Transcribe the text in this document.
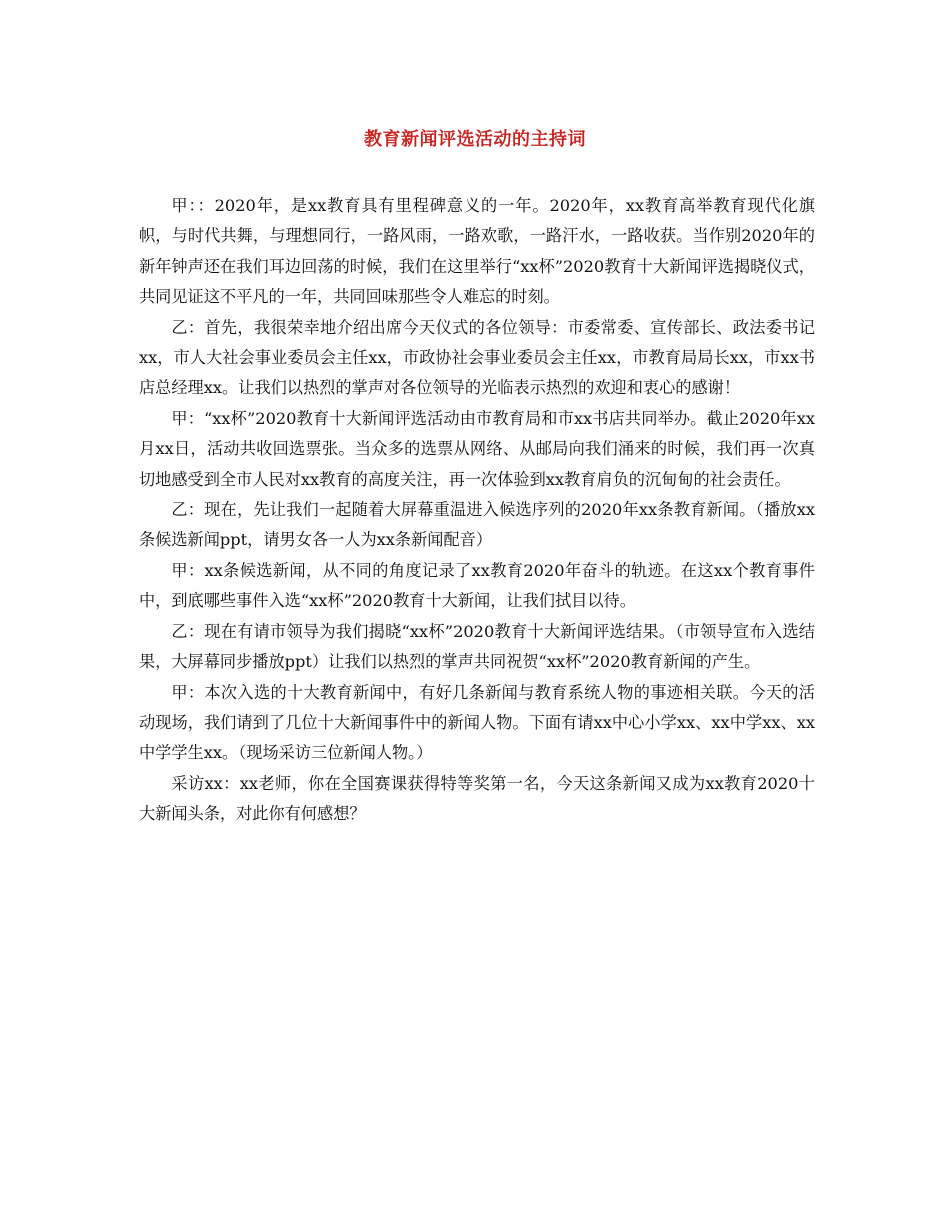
教育新闻评选活动的主持词

甲：：2020年，是xx教育具有里程碑意义的一年。2020年，xx教育高举教育现代化旗帜，与时代共舞，与理想同行，一路风雨，一路欢歌，一路汗水，一路收获。当作别2020年的新年钟声还在我们耳边回荡的时候，我们在这里举行“xx杯”2020教育十大新闻评选揭晓仪式，共同见证这不平凡的一年，共同回味那些令人难忘的时刻。

乙：首先，我很荣幸地介绍出席今天仪式的各位领导：市委常委、宣传部长、政法委书记xx，市人大社会事业委员会主任xx，市政协社会事业委员会主任xx，市教育局局长xx，市xx书店总经理xx。让我们以热烈的掌声对各位领导的光临表示热烈的欢迎和衷心的感谢！

甲：“xx杯”2020教育十大新闻评选活动由市教育局和市xx书店共同举办。截止2020年xx月xx日，活动共收回选票张。当众多的选票从网络、从邮局向我们涌来的时候，我们再一次真切地感受到全市人民对xx教育的高度关注，再一次体验到xx教育肩负的沉甸甸的社会责任。

乙：现在，先让我们一起随着大屏幕重温进入候选序列的2020年xx条教育新闻。（播放xx条候选新闻ppt，请男女各一人为xx条新闻配音）

甲：xx条候选新闻，从不同的角度记录了xx教育2020年奋斗的轨迹。在这xx个教育事件中，到底哪些事件入选“xx杯”2020教育十大新闻，让我们拭目以待。

乙：现在有请市领导为我们揭晓“xx杯”2020教育十大新闻评选结果。（市领导宣布入选结果，大屏幕同步播放ppt）让我们以热烈的掌声共同祝贺“xx杯”2020教育新闻的产生。

甲：本次入选的十大教育新闻中，有好几条新闻与教育系统人物的事迹相关联。今天的活动现场，我们请到了几位十大新闻事件中的新闻人物。下面有请xx中心小学xx、xx中学xx、xx中学学生xx。（现场采访三位新闻人物。）

采访xx：xx老师，你在全国赛课获得特等奖第一名，今天这条新闻又成为xx教育2020十大新闻头条，对此你有何感想？
